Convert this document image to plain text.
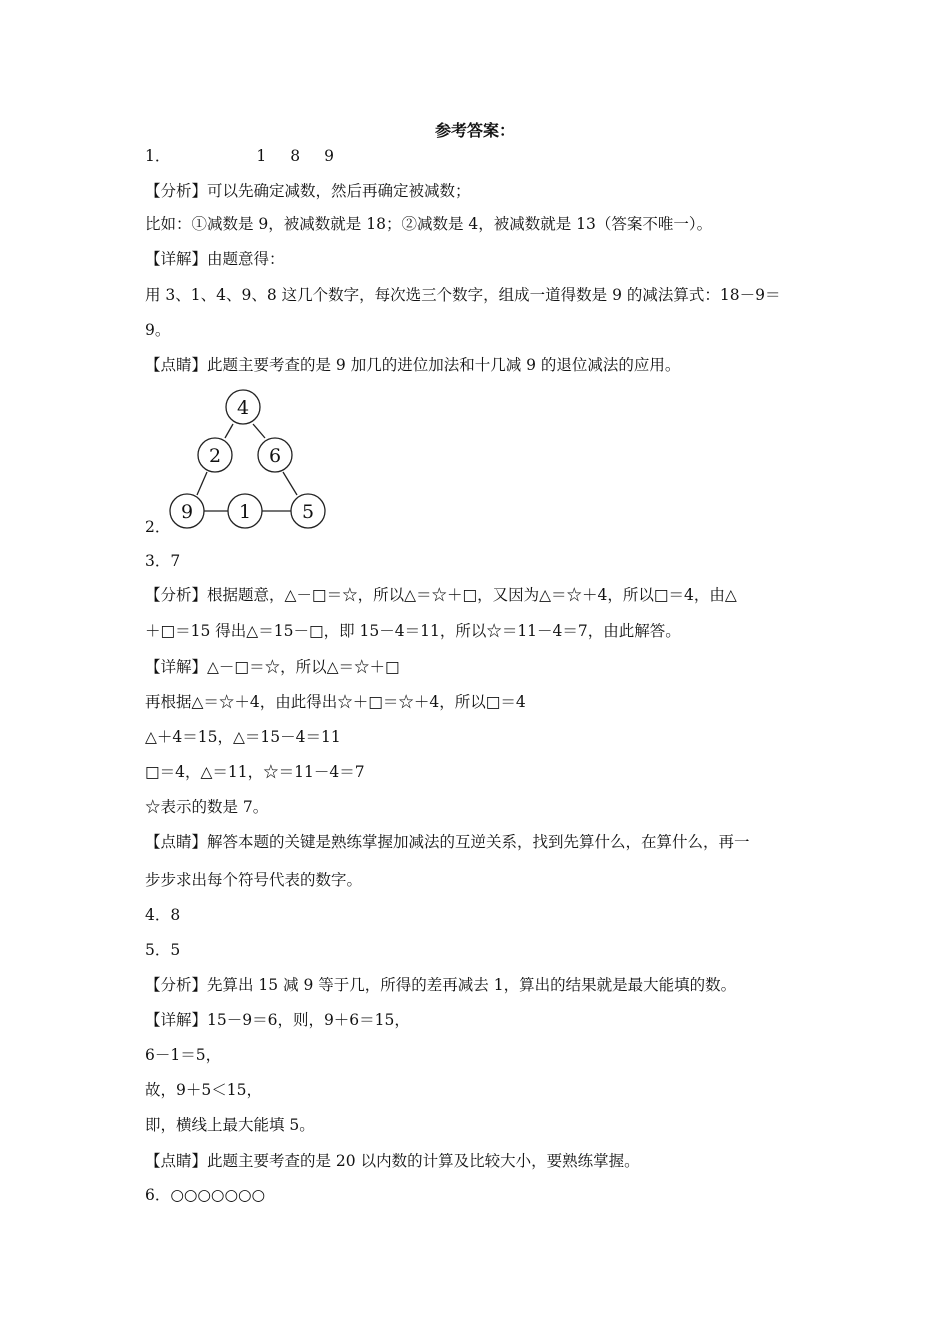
参考答案：
1．	1 8 9
【分析】可以先确定减数，然后再确定被减数；
比如：①减数是 9，被减数就是 18；②减数是 4，被减数就是 13（答案不唯一）。
【详解】由题意得：
用 3、1、4、9、8 这几个数字，每次选三个数字，组成一道得数是 9 的减法算式：18－9＝
9。
【点睛】此题主要考查的是 9 加几的进位加法和十几减 9 的退位减法的应用。
4
2	6
9 1	5
2．
3．7
【分析】根据题意，△－□＝☆，所以△＝☆＋□，又因为△＝☆＋4，所以□＝4，由△
＋□＝15 得出△＝15－□，即 15－4＝11，所以☆＝11－4＝7，由此解答。
【详解】△－□＝☆，所以△＝☆＋□
再根据△＝☆＋4，由此得出☆＋□＝☆＋4，所以□＝4
△＋4＝15，△＝15－4＝11
□＝4，△＝11，☆＝11－4＝7
☆表示的数是 7。
【点睛】解答本题的关键是熟练掌握加减法的互逆关系，找到先算什么，在算什么，再一
步步求出每个符号代表的数字。
4．8
5．5
【分析】先算出 15 减 9 等于几，所得的差再减去 1，算出的结果就是最大能填的数。
【详解】15－9＝6，则，9＋6＝15，
6－1＝5，
故，9＋5＜15，
即，横线上最大能填 5。
【点睛】此题主要考查的是 20 以内数的计算及比较大小，要熟练掌握。
6．○○○○○○○
